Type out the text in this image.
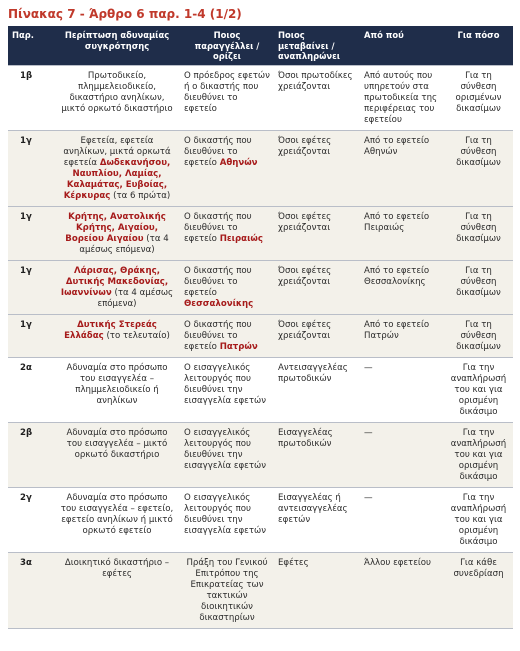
Πίνακας 7 - Άρθρο 6 παρ. 1-4 (1/2)
Παρ.	Περίπτωση αδυναμίας συγκρότησης	Ποιος παραγγέλλει / ορίζει	Ποιος μεταβαίνει / αναπληρώνει	Από πού	Για πόσο
1β	Πρωτοδικείο, πλημμελειοδικείο, δικαστήριο ανηλίκων, μικτό ορκωτό δικαστήριο	Ο πρόεδρος εφετών ή ο δικαστής που διευθύνει το εφετείο	Όσοι πρωτοδίκες χρειάζονται	Από αυτούς που υπηρετούν στα πρωτοδικεία της περιφέρειας του εφετείου	Για τη σύνθεση ορισμένων δικασίμων
1γ	Εφετεία, εφετεία ανηλίκων, μικτά ορκωτά εφετεία Δωδεκανήσου, Ναυπλίου, Λαμίας, Καλαμάτας, Ευβοίας, Κέρκυρας (τα 6 πρώτα)	Ο δικαστής που διευθύνει το εφετείο Αθηνών	Όσοι εφέτες χρειάζονται	Από το εφετείο Αθηνών	Για τη σύνθεση δικασίμων
1γ	Κρήτης, Ανατολικής Κρήτης, Αιγαίου, Βορείου Αιγαίου (τα 4 αμέσως επόμενα)	Ο δικαστής που διευθύνει το εφετείο Πειραιώς	Όσοι εφέτες χρειάζονται	Από το εφετείο Πειραιώς	Για τη σύνθεση δικασίμων
1γ	Λάρισας, Θράκης, Δυτικής Μακεδονίας, Ιωαννίνων (τα 4 αμέσως επόμενα)	Ο δικαστής που διευθύνει το εφετείο Θεσσαλονίκης	Όσοι εφέτες χρειάζονται	Από το εφετείο Θεσσαλονίκης	Για τη σύνθεση δικασίμων
1γ	Δυτικής Στερεάς Ελλάδας (το τελευταίο)	Ο δικαστής που διευθύνει το εφετείο Πατρών	Όσοι εφέτες χρειάζονται	Από το εφετείο Πατρών	Για τη σύνθεση δικασίμων
2α	Αδυναμία στο πρόσωπο του εισαγγελέα – πλημμελειοδικείο ή ανηλίκων	Ο εισαγγελικός λειτουργός που διευθύνει την εισαγγελία εφετών	Αντεισαγγελέας πρωτοδικών	—	Για την αναπλήρωσή του και για ορισμένη δικάσιμο
2β	Αδυναμία στο πρόσωπο του εισαγγελέα – μικτό ορκωτό δικαστήριο	Ο εισαγγελικός λειτουργός που διευθύνει την εισαγγελία εφετών	Εισαγγελέας πρωτοδικών	—	Για την αναπλήρωσή του και για ορισμένη δικάσιμο
2γ	Αδυναμία στο πρόσωπο του εισαγγελέα – εφετείο, εφετείο ανηλίκων ή μικτό ορκωτό εφετείο	Ο εισαγγελικός λειτουργός που διευθύνει την εισαγγελία εφετών	Εισαγγελέας ή αντεισαγγελέας εφετών	—	Για την αναπλήρωσή του και για ορισμένη δικάσιμο
3α	Διοικητικό δικαστήριο – εφέτες	Πράξη του Γενικού Επιτρόπου της Επικρατείας των τακτικών διοικητικών δικαστηρίων	Εφέτες	Άλλου εφετείου	Για κάθε συνεδρίαση
